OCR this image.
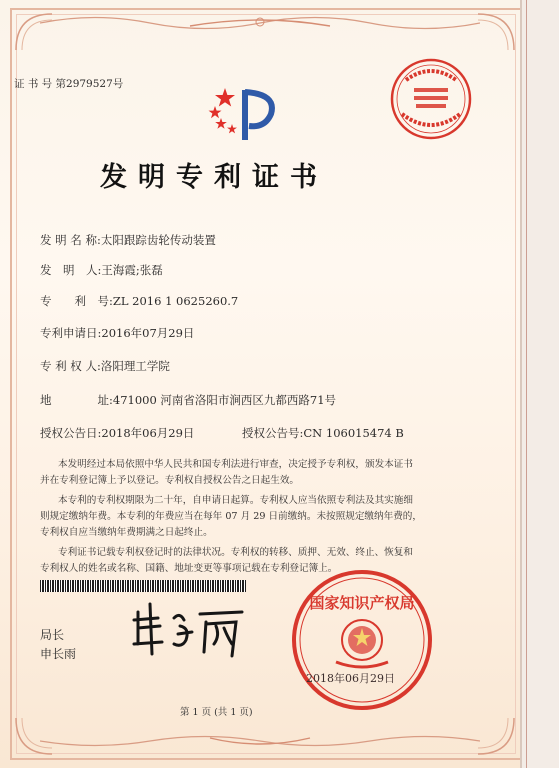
证 书 号 第2979527号
发明专利证书
发 明 名 称:太阳跟踪齿轮传动装置
发　明　人:王海霞;张磊
专　　利　号:ZL 2016 1 0625260.7
专利申请日:2016年07月29日
专 利 权 人:洛阳理工学院
地　　　　址:471000 河南省洛阳市涧西区九都西路71号
授权公告日:2018年06月29日	授权公告号:CN 106015474 B
本发明经过本局依照中华人民共和国专利法进行审查，决定授予专利权，颁发本证书
并在专利登记簿上予以登记。专利权自授权公告之日起生效。
本专利的专利权期限为二十年，自申请日起算。专利权人应当依照专利法及其实施细
则规定缴纳年费。本专利的年费应当在每年 07 月 29 日前缴纳。未按照规定缴纳年费的，
专利权自应当缴纳年费期满之日起终止。
专利证书记载专利权登记时的法律状况。专利权的转移、质押、无效、终止、恢复和
专利权人的姓名或名称、国籍、地址变更等事项记载在专利登记簿上。
局长
申长雨
国家知识产权局
2018年06月29日
第 1 页 (共 1 页)
